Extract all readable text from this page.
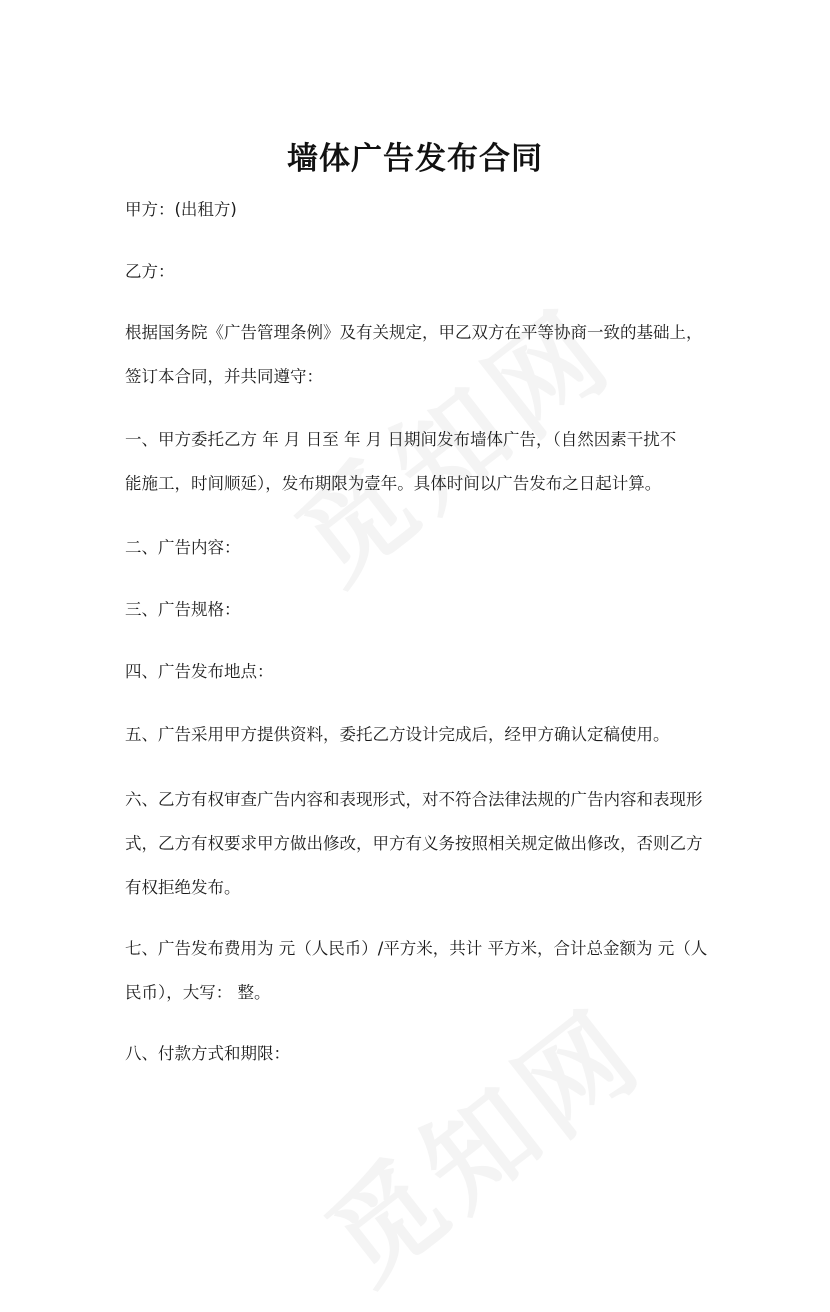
墙体广告发布合同
甲方：(出租方)
乙方：
根据国务院《广告管理条例》及有关规定，甲乙双方在平等协商一致的基础上，
签订本合同，并共同遵守：
一、甲方委托乙方 年 月 日至 年 月 日期间发布墙体广告，（自然因素干扰不
能施工，时间顺延），发布期限为壹年。具体时间以广告发布之日起计算。
二、广告内容：
三、广告规格：
四、广告发布地点：
五、广告采用甲方提供资料，委托乙方设计完成后，经甲方确认定稿使用。
六、乙方有权审查广告内容和表现形式，对不符合法律法规的广告内容和表现形
式，乙方有权要求甲方做出修改，甲方有义务按照相关规定做出修改，否则乙方
有权拒绝发布。
七、广告发布费用为 元（人民币）/平方米，共计 平方米，合计总金额为 元（人
民币），大写： 整。
八、付款方式和期限：
